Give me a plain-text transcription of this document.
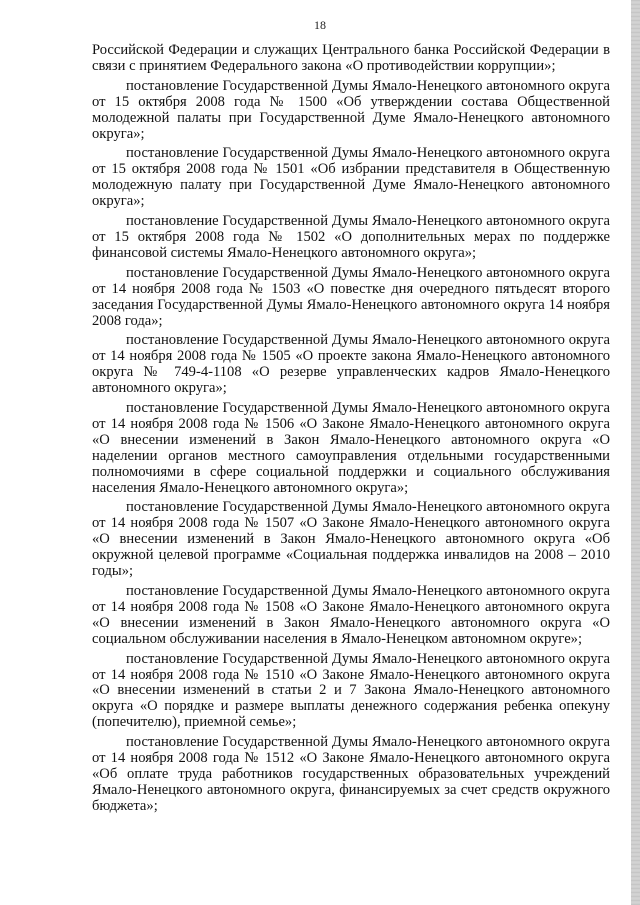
18

Российской Федерации и служащих Центрального банка Российской Федерации в связи с принятием Федерального закона «О противодействии коррупции»;

постановление Государственной Думы Ямало-Ненецкого автономного округа от 15 октября 2008 года № 1500 «Об утверждении состава Общественной молодежной палаты при Государственной Думе Ямало-Ненецкого автономного округа»;

постановление Государственной Думы Ямало-Ненецкого автономного округа от 15 октября 2008 года № 1501 «Об избрании представителя в Общественную молодежную палату при Государственной Думе Ямало-Ненецкого автономного округа»;

постановление Государственной Думы Ямало-Ненецкого автономного округа от 15 октября 2008 года № 1502 «О дополнительных мерах по поддержке финансовой системы Ямало-Ненецкого автономного округа»;

постановление Государственной Думы Ямало-Ненецкого автономного округа от 14 ноября 2008 года № 1503 «О повестке дня очередного пятьдесят второго заседания Государственной Думы Ямало-Ненецкого автономного округа 14 ноября 2008 года»;

постановление Государственной Думы Ямало-Ненецкого автономного округа от 14 ноября 2008 года № 1505 «О проекте закона Ямало-Ненецкого автономного округа № 749-4-1108 «О резерве управленческих кадров Ямало-Ненецкого автономного округа»;

постановление Государственной Думы Ямало-Ненецкого автономного округа от 14 ноября 2008 года № 1506 «О Законе Ямало-Ненецкого автономного округа «О внесении изменений в Закон Ямало-Ненецкого автономного округа «О наделении органов местного самоуправления отдельными государственными полномочиями в сфере социальной поддержки и социального обслуживания населения Ямало-Ненецкого автономного округа»;

постановление Государственной Думы Ямало-Ненецкого автономного округа от 14 ноября 2008 года № 1507 «О Законе Ямало-Ненецкого автономного округа «О внесении изменений в Закон Ямало-Ненецкого автономного округа «Об окружной целевой программе «Социальная поддержка инвалидов на 2008 – 2010 годы»;

постановление Государственной Думы Ямало-Ненецкого автономного округа от 14 ноября 2008 года № 1508 «О Законе Ямало-Ненецкого автономного округа «О внесении изменений в Закон Ямало-Ненецкого автономного округа «О социальном обслуживании населения в Ямало-Ненецком автономном округе»;

постановление Государственной Думы Ямало-Ненецкого автономного округа от 14 ноября 2008 года № 1510 «О Законе Ямало-Ненецкого автономного округа «О внесении изменений в статьи 2 и 7 Закона Ямало-Ненецкого автономного округа «О порядке и размере выплаты денежного содержания ребенка опекуну (попечителю), приемной семье»;

постановление Государственной Думы Ямало-Ненецкого автономного округа от 14 ноября 2008 года № 1512 «О Законе Ямало-Ненецкого автономного округа «Об оплате труда работников государственных образовательных учреждений Ямало-Ненецкого автономного округа, финансируемых за счет средств окружного бюджета»;
